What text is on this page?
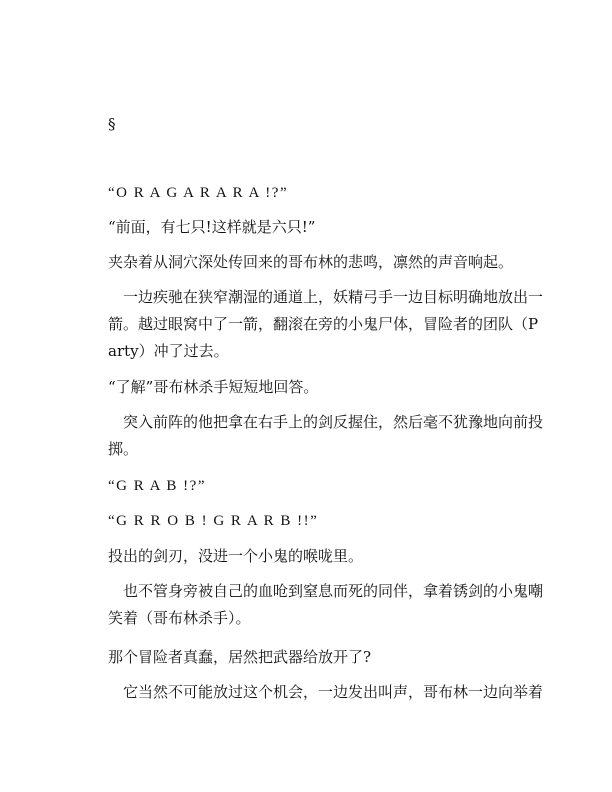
§

“O R A G A R A R A !?”

“前面，有七只!这样就是六只!”

夹杂着从洞穴深处传回来的哥布林的悲鸣，凛然的声音响起。

一边疾驰在狭窄潮湿的通道上，妖精弓手一边目标明确地放出一箭。越过眼窝中了一箭，翻滚在旁的小鬼尸体，冒险者的团队（Party）冲了过去。

“了解”哥布林杀手短短地回答。

突入前阵的他把拿在右手上的剑反握住，然后毫不犹豫地向前投掷。

“G R A B !?”

“G R R O B ! G R A R B !!”

投出的剑刃，没进一个小鬼的喉咙里。

也不管身旁被自己的血呛到窒息而死的同伴，拿着锈剑的小鬼嘲笑着（哥布林杀手）。

那个冒险者真蠢，居然把武器给放开了?

它当然不可能放过这个机会，一边发出叫声，哥布林一边向举着
